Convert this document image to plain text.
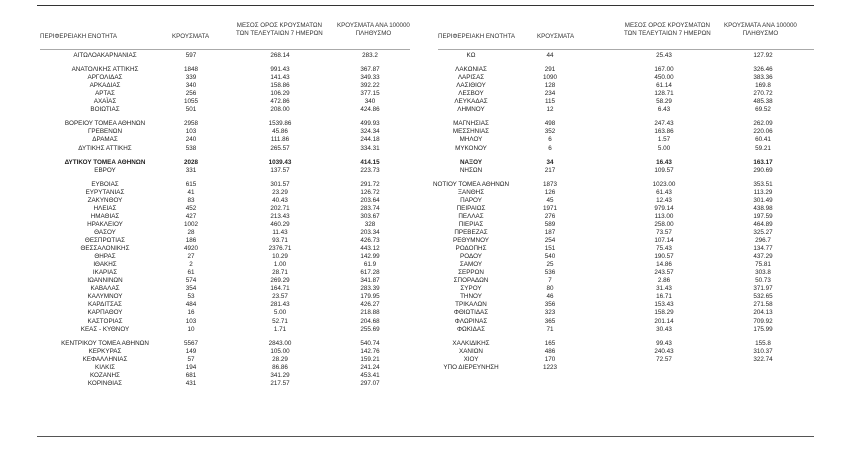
ΠΕΡΙΦΕΡΕΙΑΚΗ ΕΝΟΤΗΤΑ	ΚΡΟΥΣΜΑΤΑ
ΜΕΣΟΣ ΟΡΟΣ ΚΡΟΥΣΜΑΤΩΝ
ΤΩΝ ΤΕΛΕΥΤΑΙΩΝ 7 ΗΜΕΡΩΝ
ΚΡΟΥΣΜΑΤΑ ΑΝΑ 100000
ΠΛΗΘΥΣΜΟ	ΠΕΡΙΦΕΡΕΙΑΚΗ ΕΝΟΤΗΤΑ	ΚΡΟΥΣΜΑΤΑ
ΜΕΣΟΣ ΟΡΟΣ ΚΡΟΥΣΜΑΤΩΝ
ΤΩΝ ΤΕΛΕΥΤΑΙΩΝ 7 ΗΜΕΡΩΝ
ΚΡΟΥΣΜΑΤΑ ΑΝΑ 100000
ΠΛΗΘΥΣΜΟ
ΑΙΤΩΛΟΑΚΑΡΝΑΝΙΑΣ	597	268.14	283.2
ΑΝΑΤΟΛΙΚΗΣ ΑΤΤΙΚΗΣ	1848	991.43	367.87
ΑΡΓΟΛΙΔΑΣ	339	141.43	349.33
ΑΡΚΑΔΙΑΣ	340	158.86	392.22
ΑΡΤΑΣ	256	106.29	377.15
ΑΧΑΪΑΣ	1055	472.86	340
ΒΟΙΩΤΙΑΣ	501	208.00	424.86
ΒΟΡΕΙΟΥ ΤΟΜΕΑ ΑΘΗΝΩΝ	2958	1539.86	499.93
ΓΡΕΒΕΝΩΝ	103	45.86	324.34
ΔΡΑΜΑΣ	240	111.86	244.18
ΔΥΤΙΚΗΣ ΑΤΤΙΚΗΣ	538	265.57	334.31
ΔΥΤΙΚΟΥ ΤΟΜΕΑ ΑΘΗΝΩΝ	2028	1039.43	414.15
ΕΒΡΟΥ	331	137.57	223.73
ΕΥΒΟΙΑΣ	615	301.57	291.72
ΕΥΡΥΤΑΝΙΑΣ	41	23.29	126.72
ΖΑΚΥΝΘΟΥ	83	40.43	203.64
ΗΛΕΙΑΣ	452	202.71	283.74
ΗΜΑΘΙΑΣ	427	213.43	303.67
ΗΡΑΚΛΕΙΟΥ	1002	460.29	328
ΘΑΣΟΥ	28	11.43	203.34
ΘΕΣΠΡΩΤΙΑΣ	186	93.71	426.73
ΘΕΣΣΑΛΟΝΙΚΗΣ	4920	2376.71	443.12
ΘΗΡΑΣ	27	10.29	142.99
ΙΘΑΚΗΣ	2	1.00	61.9
ΙΚΑΡΙΑΣ	61	28.71	617.28
ΙΩΑΝΝΙΝΩΝ	574	269.29	341.87
ΚΑΒΑΛΑΣ	354	164.71	283.39
ΚΑΛΥΜΝΟΥ	53	23.57	179.95
ΚΑΡΔΙΤΣΑΣ	484	281.43	426.27
ΚΑΡΠΑΘΟΥ	16	5.00	218.88
ΚΑΣΤΟΡΙΑΣ	103	52.71	204.68
ΚΕΑΣ - ΚΥΘΝΟΥ	10	1.71	255.69
ΚΕΝΤΡΙΚΟΥ ΤΟΜΕΑ ΑΘΗΝΩΝ	5567	2843.00	540.74
ΚΕΡΚΥΡΑΣ	149	105.00	142.76
ΚΕΦΑΛΛΗΝΙΑΣ	57	28.29	159.21
ΚΙΛΚΙΣ	194	86.86	241.24
ΚΟΖΑΝΗΣ	681	341.29	453.41
ΚΟΡΙΝΘΙΑΣ	431	217.57	297.07
ΚΩ	44	25.43	127.92
ΛΑΚΩΝΙΑΣ	291	167.00	326.46
ΛΑΡΙΣΑΣ	1090	450.00	383.36
ΛΑΣΙΘΙΟΥ	128	61.14	169.8
ΛΕΣΒΟΥ	234	128.71	270.72
ΛΕΥΚΑΔΑΣ	115	58.29	485.38
ΛΗΜΝΟΥ	12	6.43	69.52
ΜΑΓΝΗΣΙΑΣ	498	247.43	262.09
ΜΕΣΣΗΝΙΑΣ	352	163.86	220.06
ΜΗΛΟΥ	6	1.57	60.41
ΜΥΚΟΝΟΥ	6	5.00	59.21
ΝΑΞΟΥ	34	16.43	163.17
ΝΗΣΩΝ	217	109.57	290.69
ΝΟΤΙΟΥ ΤΟΜΕΑ ΑΘΗΝΩΝ	1873	1023.00	353.51
ΞΑΝΘΗΣ	126	61.43	113.29
ΠΑΡΟΥ	45	12.43	301.49
ΠΕΙΡΑΙΩΣ	1971	979.14	438.98
ΠΕΛΛΑΣ	276	113.00	197.59
ΠΙΕΡΙΑΣ	589	258.00	464.89
ΠΡΕΒΕΖΑΣ	187	73.57	325.27
ΡΕΘΥΜΝΟΥ	254	107.14	296.7
ΡΟΔΟΠΗΣ	151	75.43	134.77
ΡΟΔΟΥ	540	190.57	437.29
ΣΑΜΟΥ	25	14.86	75.81
ΣΕΡΡΩΝ	536	243.57	303.8
ΣΠΟΡΑΔΩΝ	7	2.86	50.73
ΣΥΡΟΥ	80	31.43	371.97
ΤΗΝΟΥ	46	16.71	532.65
ΤΡΙΚΑΛΩΝ	356	153.43	271.58
ΦΘΙΩΤΙΔΑΣ	323	158.29	204.13
ΦΛΩΡΙΝΑΣ	365	201.14	709.92
ΦΩΚΙΔΑΣ	71	30.43	175.99
ΧΑΛΚΙΔΙΚΗΣ	165	99.43	155.8
ΧΑΝΙΩΝ	486	240.43	310.37
ΧΙΟΥ	170	72.57	322.74
ΥΠΟ ΔΙΕΡΕΥΝΗΣΗ	1223
